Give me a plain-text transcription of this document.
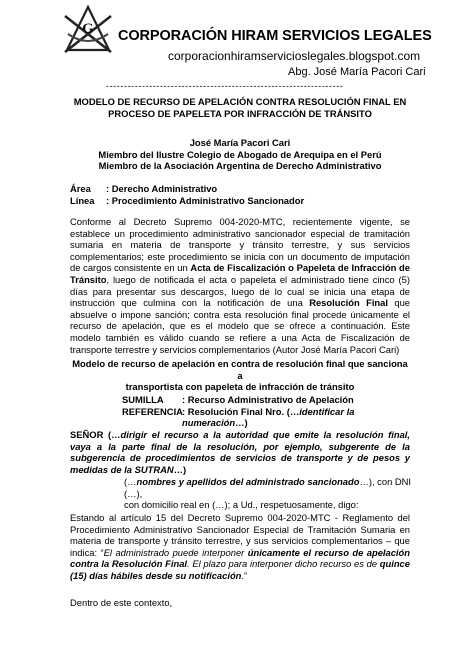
G CORPORACIÓN HIRAM SERVICIOS LEGALES
corporacionhiramservicioslegales.blogspot.com
Abg. José María Pacori Cari
------------------------------------------------------------------

MODELO DE RECURSO DE APELACIÓN CONTRA RESOLUCIÓN FINAL EN

PROCESO DE PAPELETA POR INFRACCIÓN DE TRÁNSITO

José María Pacori Cari

Miembro del Ilustre Colegio de Abogado de Arequipa en el Perú

Miembro de la Asociación Argentina de Derecho Administrativo

Área	: Derecho Administrativo
Línea	: Procedimiento Administrativo Sancionador
Conforme al Decreto Supremo 004-2020-MTC, recientemente vigente, se establece un procedimiento administrativo sancionador especial de tramitación sumaria en materia de transporte y tránsito terrestre, y sus servicios complementarios; este procedimiento se inicia con un documento de imputación de cargos consistente en un Acta de Fiscalización o Papeleta de Infracción de Tránsito, luego de notificada el acta o papeleta el administrado tiene cinco (5) días para presentar sus descargos, luego de lo cual se inicia una etapa de instrucción que culmina con la notificación de una Resolución Final que absuelve o impone sanción; contra esta resolución final procede únicamente el recurso de apelación, que es el modelo que se ofrece a continuación. Este modelo también es válido cuando se refiere a una Acta de Fiscalización de transporte terrestre y servicios complementarios (Autor José María Pacori Cari)

Modelo de recurso de apelación en contra de resolución final que sanciona a

transportista con papeleta de infracción de tránsito

SUMILLA	: Recurso Administrativo de Apelación
REFERENCIA : Resolución Final Nro. (…identificar la numeración…)
SEÑOR (…dirigir el recurso a la autoridad que emite la resolución final, vaya a la parte final de la resolución, por ejemplo, subgerente de la subgerencia de procedimientos de servicios de transporte y de pesos y medidas de la SUTRAN…)

(…nombres y apellidos del administrado sancionado…), con DNI (…),

con domicilio real en (…); a Ud., respetuosamente, digo:

Estando al artículo 15 del Decreto Supremo 004-2020-MTC - Reglamento del Procedimiento Administrativo Sancionador Especial de Tramitación Sumaria en materia de transporte y tránsito terrestre, y sus servicios complementarios – que indica: “El administrado puede interponer únicamente el recurso de apelación contra la Resolución Final. El plazo para interponer dicho recurso es de quince (15) días hábiles desde su notificación.”
Dentro de este contexto,
